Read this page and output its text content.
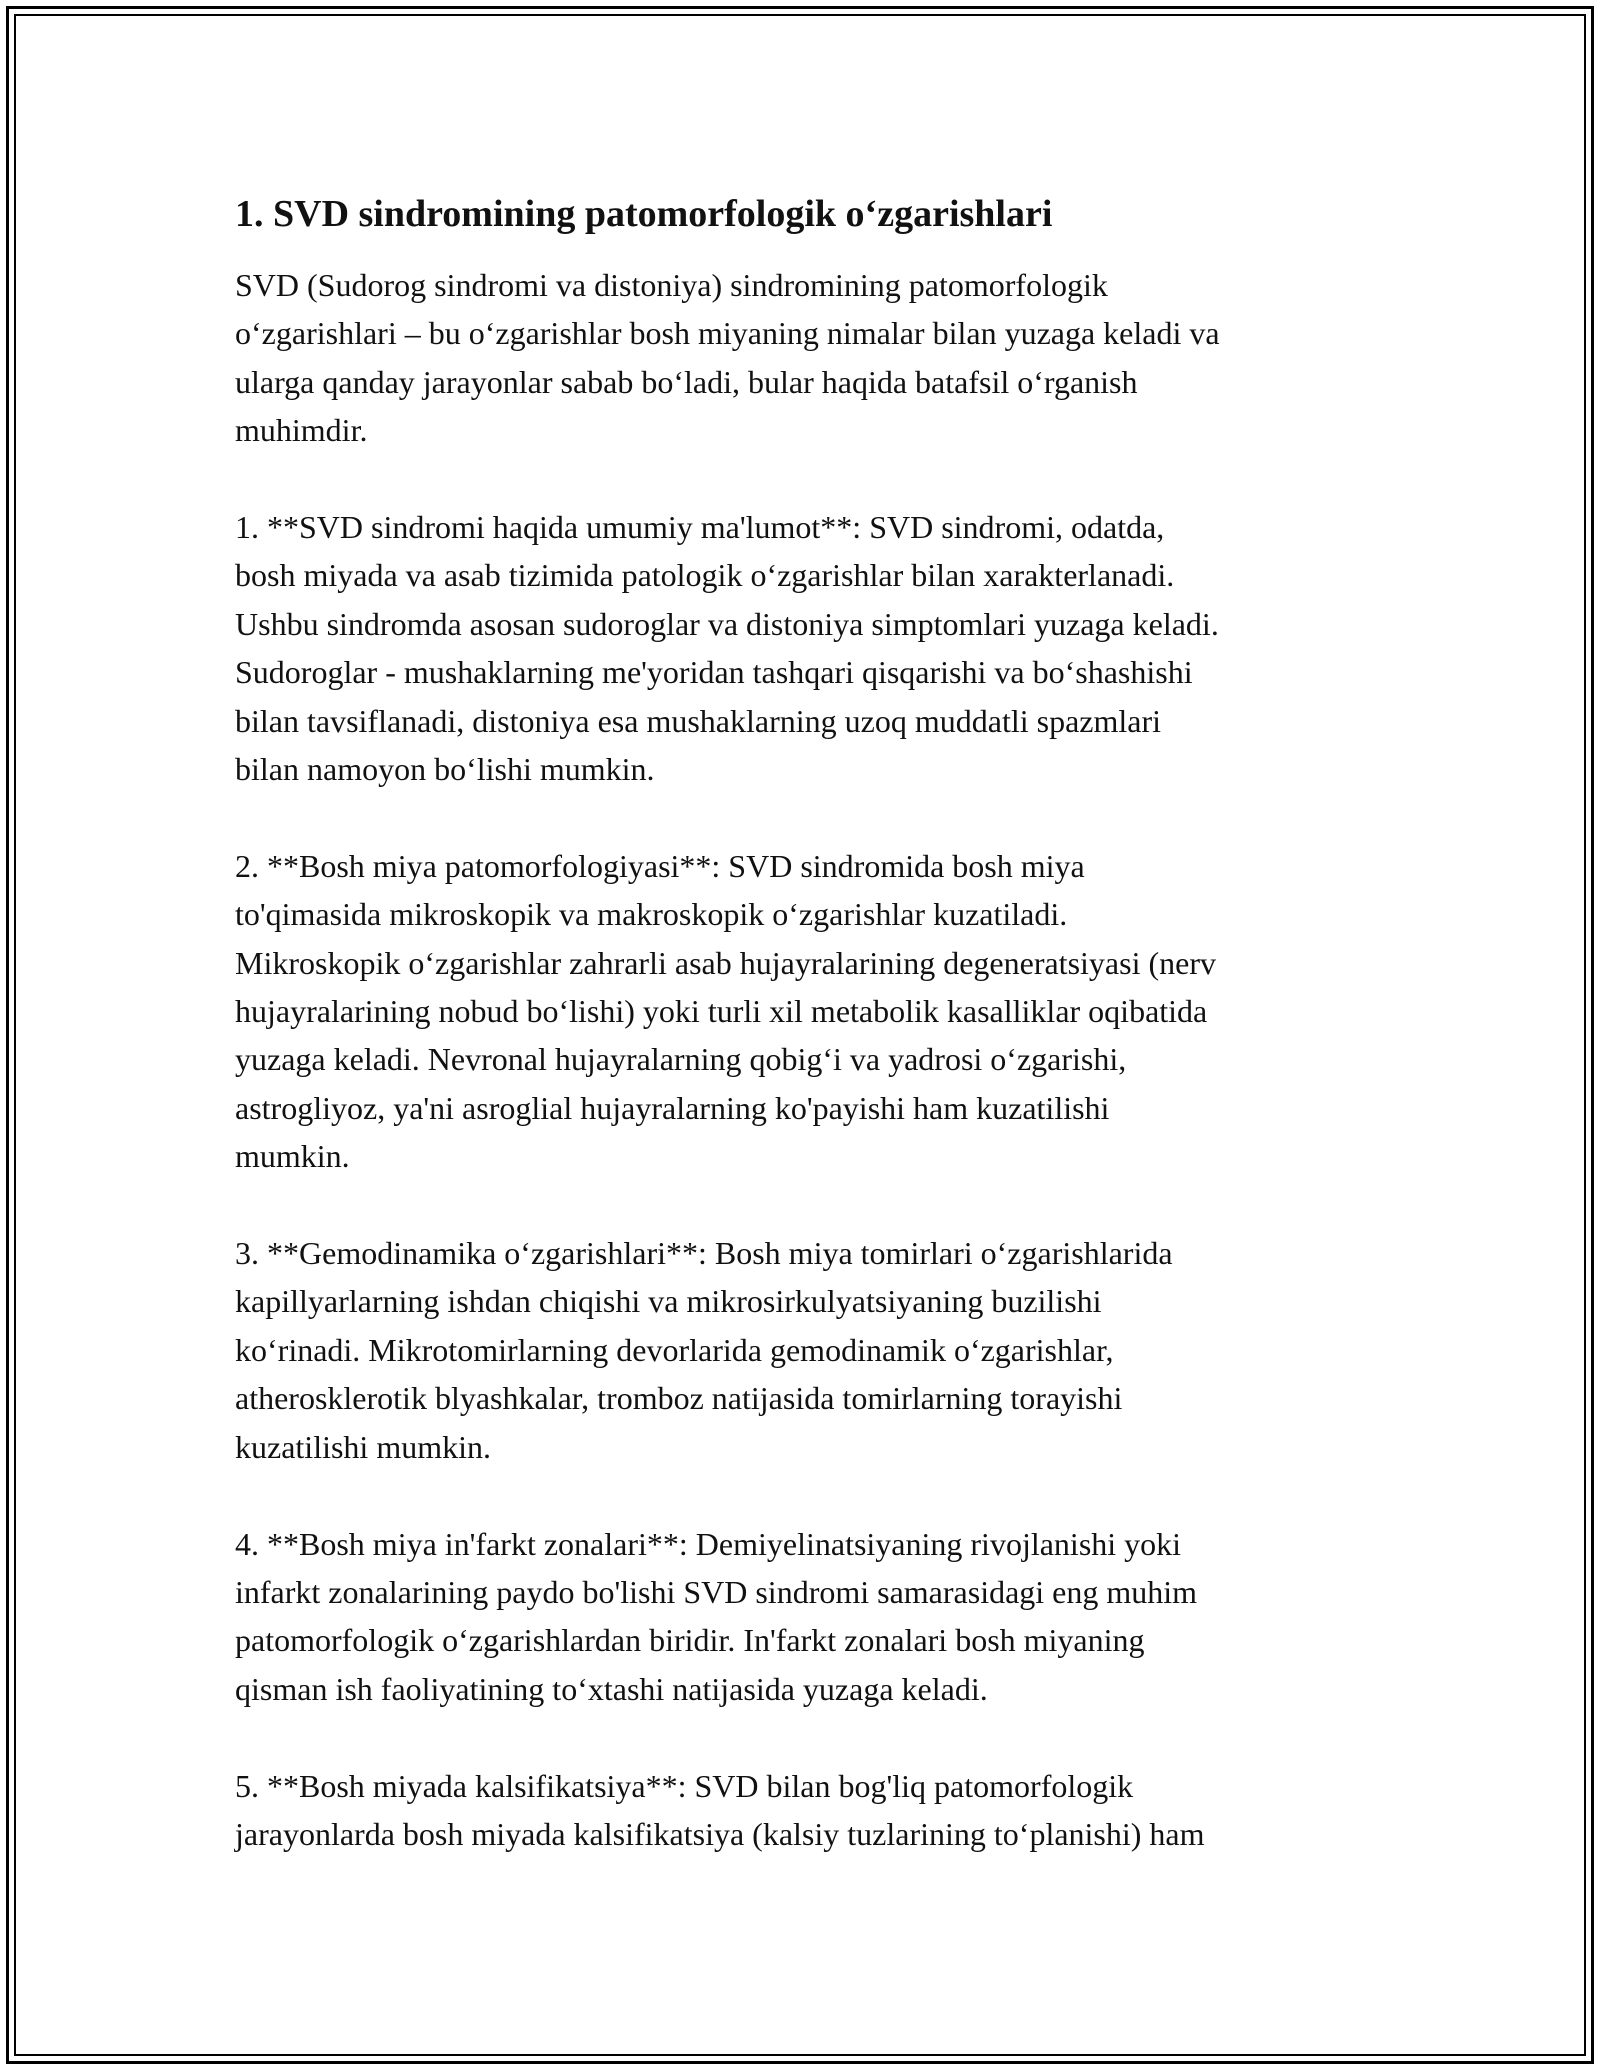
1. SVD sindromining patomorfologik o‘zgarishlari

SVD (Sudorog sindromi va distoniya) sindromining patomorfologik
o‘zgarishlari – bu o‘zgarishlar bosh miyaning nimalar bilan yuzaga keladi va
ularga qanday jarayonlar sabab bo‘ladi, bular haqida batafsil o‘rganish
muhimdir.

1. **SVD sindromi haqida umumiy ma'lumot**: SVD sindromi, odatda,
bosh miyada va asab tizimida patologik o‘zgarishlar bilan xarakterlanadi.
Ushbu sindromda asosan sudoroglar va distoniya simptomlari yuzaga keladi.
Sudoroglar - mushaklarning me'yoridan tashqari qisqarishi va bo‘shashishi
bilan tavsiflanadi, distoniya esa mushaklarning uzoq muddatli spazmlari
bilan namoyon bo‘lishi mumkin.

2. **Bosh miya patomorfologiyasi**: SVD sindromida bosh miya
to'qimasida mikroskopik va makroskopik o‘zgarishlar kuzatiladi.
Mikroskopik o‘zgarishlar zahrarli asab hujayralarining degeneratsiyasi (nerv
hujayralarining nobud bo‘lishi) yoki turli xil metabolik kasalliklar oqibatida
yuzaga keladi. Nevronal hujayralarning qobig‘i va yadrosi o‘zgarishi,
astrogliyoz, ya'ni asroglial hujayralarning ko'payishi ham kuzatilishi
mumkin.

3. **Gemodinamika o‘zgarishlari**: Bosh miya tomirlari o‘zgarishlarida
kapillyarlarning ishdan chiqishi va mikrosirkulyatsiyaning buzilishi
ko‘rinadi. Mikrotomirlarning devorlarida gemodinamik o‘zgarishlar,
atherosklerotik blyashkalar, tromboz natijasida tomirlarning torayishi
kuzatilishi mumkin.

4. **Bosh miya in'farkt zonalari**: Demiyelinatsiyaning rivojlanishi yoki
infarkt zonalarining paydo bo'lishi SVD sindromi samarasidagi eng muhim
patomorfologik o‘zgarishlardan biridir. In'farkt zonalari bosh miyaning
qisman ish faoliyatining to‘xtashi natijasida yuzaga keladi.

5. **Bosh miyada kalsifikatsiya**: SVD bilan bog'liq patomorfologik
jarayonlarda bosh miyada kalsifikatsiya (kalsiy tuzlarining to‘planishi) ham
